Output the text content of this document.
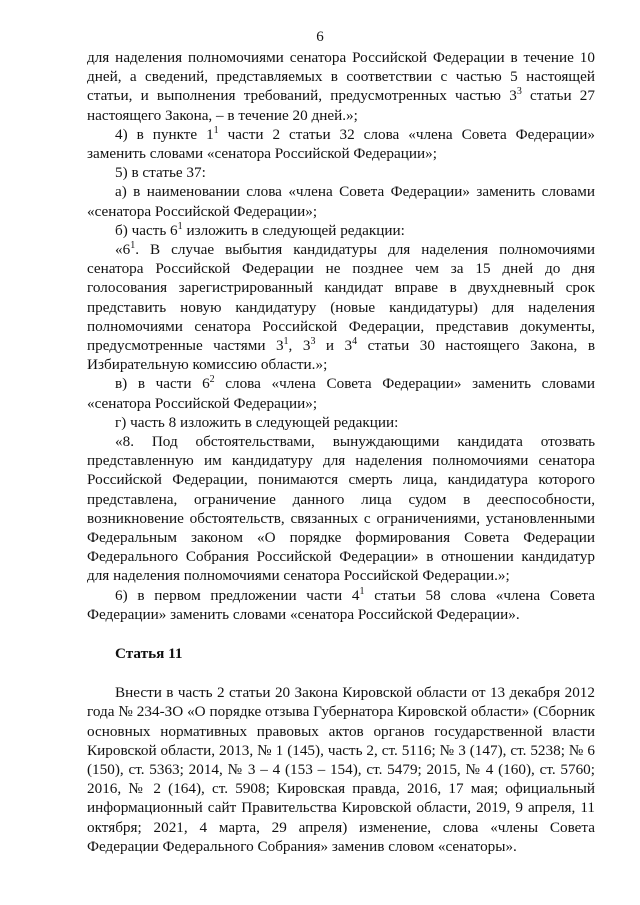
6

для наделения полномочиями сенатора Российской Федерации в течение 10 дней, а сведений, представляемых в соответствии с частью 5 настоящей статьи, и выполнения требований, предусмотренных частью $3^3$ статьи 27 настоящего Закона, – в течение 20 дней.»;

4) в пункте $1^1$ части 2 статьи 32 слова «члена Совета Федерации» заменить словами «сенатора Российской Федерации»;

5) в статье 37:

а) в наименовании слова «члена Совета Федерации» заменить словами «сенатора Российской Федерации»;

б) часть $6^1$ изложить в следующей редакции:

«$6^1$. В случае выбытия кандидатуры для наделения полномочиями сенатора Российской Федерации не позднее чем за 15 дней до дня голосования зарегистрированный кандидат вправе в двухдневный срок представить новую кандидатуру (новые кандидатуры) для наделения полномочиями сенатора Российской Федерации, представив документы, предусмотренные частями $3^1$, $3^3$ и $3^4$ статьи 30 настоящего Закона, в Избирательную комиссию области.»;

в) в части $6^2$ слова «члена Совета Федерации» заменить словами «сенатора Российской Федерации»;

г) часть 8 изложить в следующей редакции:

«8. Под обстоятельствами, вынуждающими кандидата отозвать представленную им кандидатуру для наделения полномочиями сенатора Российской Федерации, понимаются смерть лица, кандидатура которого представлена, ограничение данного лица судом в дееспособности, возникновение обстоятельств, связанных с ограничениями, установленными Федеральным законом «О порядке формирования Совета Федерации Федерального Собрания Российской Федерации» в отношении кандидатур для наделения полномочиями сенатора Российской Федерации.»;

6) в первом предложении части $4^1$ статьи 58 слова «члена Совета Федерации» заменить словами «сенатора Российской Федерации».

Статья 11

Внести в часть 2 статьи 20 Закона Кировской области от 13 декабря 2012 года № 234-ЗО «О порядке отзыва Губернатора Кировской области» (Сборник основных нормативных правовых актов органов государственной власти Кировской области, 2013, № 1 (145), часть 2, ст. 5116; № 3 (147), ст. 5238; № 6 (150), ст. 5363; 2014, № 3 – 4 (153 – 154), ст. 5479; 2015, № 4 (160), ст. 5760; 2016, № 2 (164), ст. 5908; Кировская правда, 2016, 17 мая; официальный информационный сайт Правительства Кировской области, 2019, 9 апреля, 11 октября; 2021, 4 марта, 29 апреля) изменение, слова «члены Совета Федерации Федерального Собрания» заменив словом «сенаторы».
